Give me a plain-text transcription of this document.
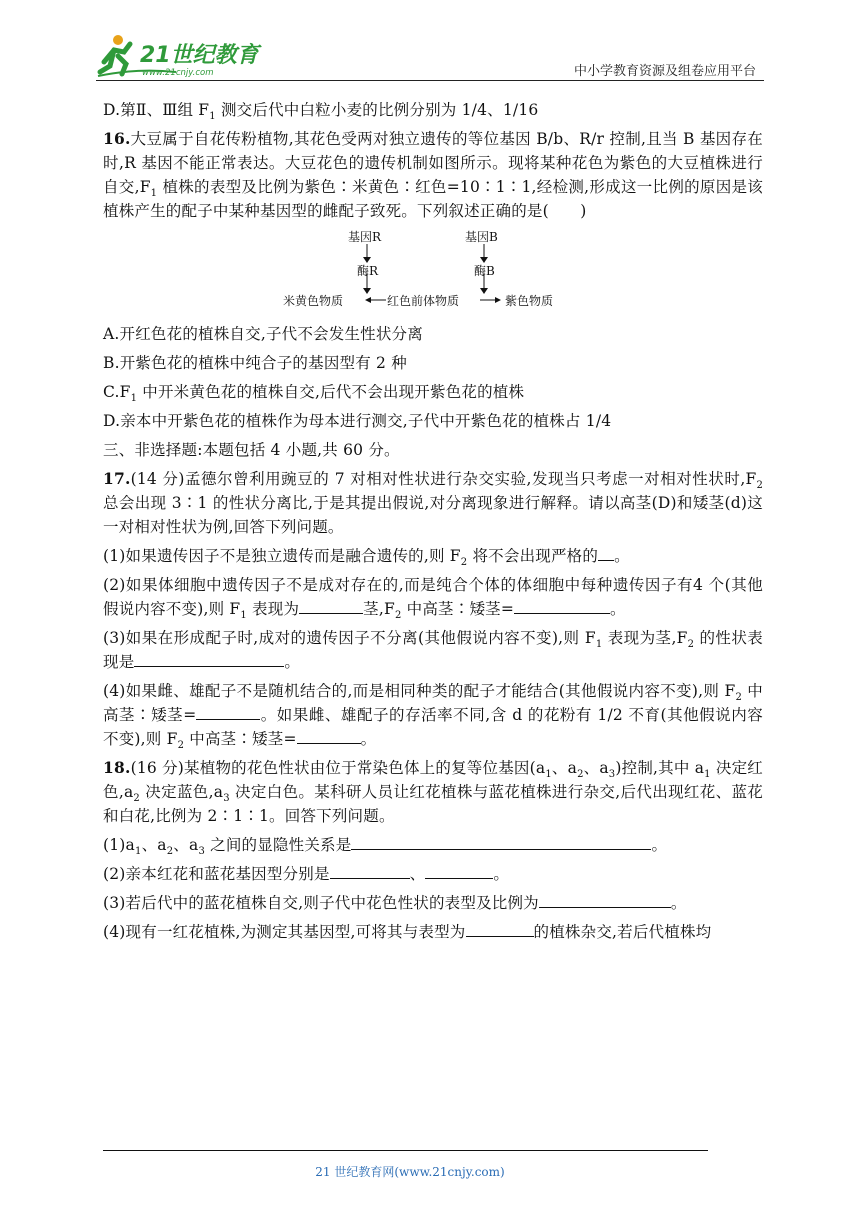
21世纪教育
www.21cnjy.com	中小学教育资源及组卷应用平台

D.第Ⅱ、Ⅲ组 $F_1$ 测交后代中白粒小麦的比例分别为 1/4、1/16

16.大豆属于自花传粉植物,其花色受两对独立遗传的等位基因 B/b、R/r 控制,且当 B 基因存在时,R 基因不能正常表达。大豆花色的遗传机制如图所示。现将某种花色为紫色的大豆植株进行自交$,F_1$ 植株的表型及比例为紫色∶米黄色∶红色=10∶1∶1,经检测,形成这一比例的原因是该植株产生的配子中某种基因型的雌配子致死。下列叙述正确的是(　　)

基因R	基因B
酶R	酶B
米黄色物质	红色前体物质	紫色物质

A.开红色花的植株自交,子代不会发生性状分离

B.开紫色花的植株中纯合子的基因型有 2 种

$C.F_1$ 中开米黄色花的植株自交,后代不会出现开紫色花的植株

D.亲本中开紫色花的植株作为母本进行测交,子代中开紫色花的植株占 1/4

三、非选择题:本题包括 4 小题,共 60 分。

17.(14 分)孟德尔曾利用豌豆的 7 对相对性状进行杂交实验,发现当只考虑一对相对性状时$,F_2$ 总会出现 3∶1 的性状分离比,于是其提出假说,对分离现象进行解释。请以高茎(D)和矮茎(d)这一对相对性状为例,回答下列问题。

(1)如果遗传因子不是独立遗传而是融合遗传的,则 $F_2$ 将不会出现严格的 。

(2)如果体细胞中遗传因子不是成对存在的,而是纯合个体的体细胞中每种遗传因子有4 个(其他假说内容不变),则 $F_1$ 表现为	茎$,F_2$ 中高茎∶矮茎=	。

(3)如果在形成配子时,成对的遗传因子不分离(其他假说内容不变),则 $F_1$ 表现为茎$,F_2$ 的性状表现是	。

(4)如果雌、雄配子不是随机结合的,而是相同种类的配子才能结合(其他假说内容不变),则 $F_2$ 中高茎∶矮茎=	。如果雌、雄配子的存活率不同,含 d 的花粉有 1/2 不育(其他假说内容不变),则 $F_2$ 中高茎∶矮茎=	。

18.(16 分)某植物的花色性状由位于常染色体上的复等位基因($a_1$、$a_2$、$a_3$)控制,其中 $a_1$ 决定红色$,a_2$ 决定蓝色$,a_3$ 决定白色。某科研人员让红花植株与蓝花植株进行杂交,后代出现红花、蓝花和白花,比例为 2∶1∶1。回答下列问题。

$(1)a_1$、$a_2$、$a_3$ 之间的显隐性关系是	。

(2)亲本红花和蓝花基因型分别是	、	。

(3)若后代中的蓝花植株自交,则子代中花色性状的表型及比例为	。

(4)现有一红花植株,为测定其基因型,可将其与表型为	的植株杂交,若后代植株均

21 世纪教育网(www.21cnjy.com)
